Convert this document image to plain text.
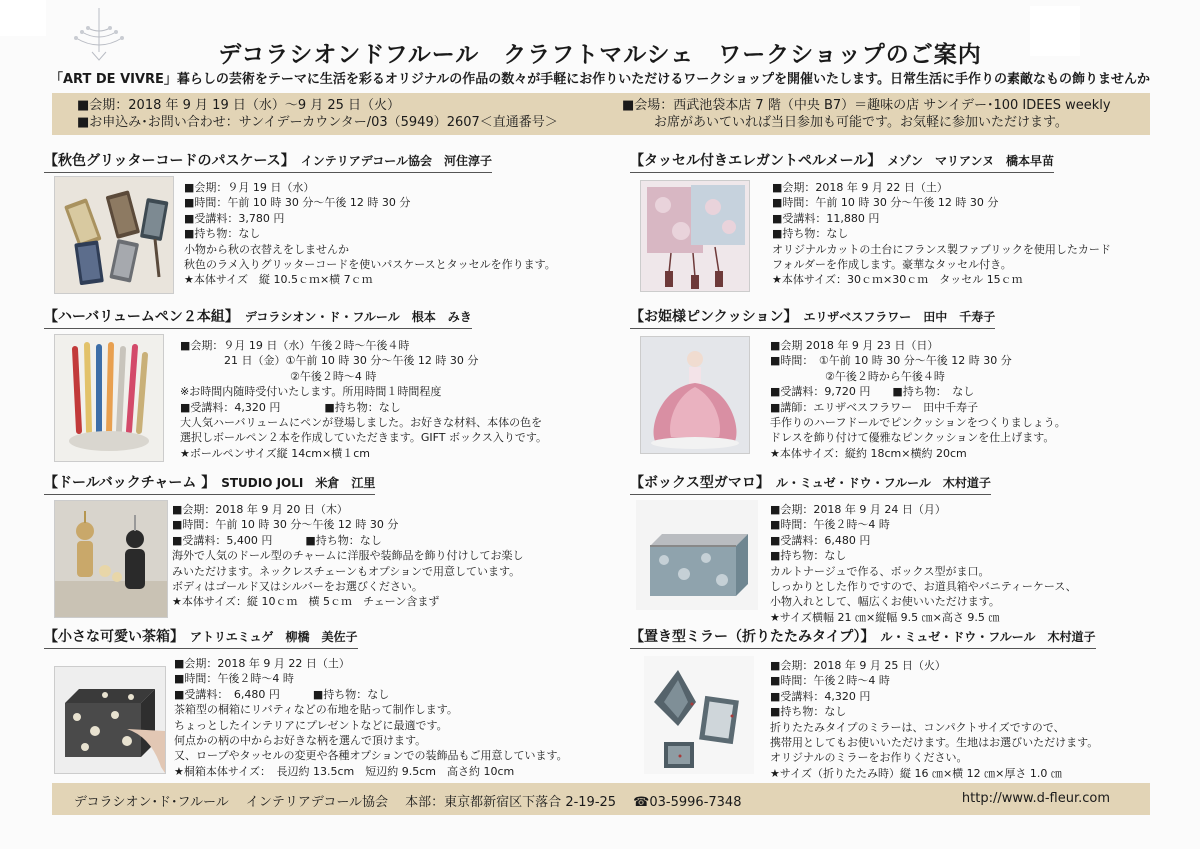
デコラシオンドフルール　クラフトマルシェ　ワークショップのご案内
「ART DE VIVRE」暮らしの芸術をテーマに生活を彩るオリジナルの作品の数々が手軽にお作りいただけるワークショップを開催いたします。日常生活に手作りの素敵なもの飾りませんか
■会期：2018 年 9 月 19 日（水）～9 月 25 日（火）
■お申込み･お問い合わせ：サンイデーカウンター/03（5949）2607＜直通番号＞
■会場：西武池袋本店 7 階（中央 B7）＝趣味の店 サンイデー･100 IDEES weekly
お席があいていれば当日参加も可能です。お気軽に参加いただけます。
【秋色グリッターコードのパスケース】 インテリアデコール協会　河住淳子
■会期：９月 19 日（水）
■時間：午前 10 時 30 分～午後 12 時 30 分
■受講料：3,780 円
■持ち物：なし
小物から秋の衣替えをしませんか
秋色のラメ入りグリッターコードを使いパスケースとタッセルを作ります。
★本体サイズ　縦 10.5ｃｍ×横 7ｃｍ
【タッセル付きエレガントペルメール】 メゾン　マリアンヌ　橋本早苗
■会期：2018 年 9 月 22 日（土）
■時間：午前 10 時 30 分～午後 12 時 30 分
■受講料：11,880 円
■持ち物：なし
オリジナルカットの土台にフランス製ファブリックを使用したカード
フォルダーを作成します。豪華なタッセル付き。
★本体サイズ：30ｃｍ×30ｃｍ　タッセル 15ｃｍ
【ハーバリュームペン２本組】 デコラシオン・ド・フルール　根本　みき
■会期：９月 19 日（水）午後２時～午後４時
　　　　21 日（金）①午前 10 時 30 分～午後 12 時 30 分
　　　　　　　　　　②午後２時～4 時
※お時間内随時受付いたします。所用時間１時間程度
■受講料：4,320 円　　　　■持ち物：なし
大人気ハーバリュームにペンが登場しました。お好きな材料、本体の色を
選択しボールペン２本を作成していただきます。GIFT ボックス入りです。
★ボールペンサイズ縦 14cm×横１cm
【お姫様ピンクッション】 エリザベスフラワー　田中　千寿子
■会期 2018 年 9 月 23 日（日）
■時間：　①午前 10 時 30 分～午後 12 時 30 分
　　　　　②午後２時から午後４時
■受講料：9,720 円　　■持ち物：　なし
■講師：エリザベスフラワー　田中千寿子
手作りのハーフドールでピンクッションをつくりましょう。
ドレスを飾り付けて優雅なピンクッションを仕上げます。
★本体サイズ：縦約 18cm×横約 20cm
【ドールバックチャーム 】 STUDIO JOLI　米倉　江里
■会期：2018 年 9 月 20 日（木）
■時間：午前 10 時 30 分～午後 12 時 30 分
■受講料：5,400 円　　　■持ち物：なし
海外で人気のドール型のチャームに洋服や装飾品を飾り付けしてお楽し
みいただけます。ネックレスチェーンもオプションで用意しています。
ボディはゴールド又はシルバーをお選びください。
★本体サイズ：縦 10ｃｍ　横 5ｃｍ　チェーン含まず
【ボックス型ガマロ】 ル・ミュゼ・ドウ・フルール　木村道子
■会期：2018 年 9 月 24 日（月）
■時間：午後２時～4 時
■受講料：6,480 円
■持ち物：なし
カルトナージュで作る、ボックス型がま口。
しっかりとした作りですので、お道具箱やバニティーケース、
小物入れとして、幅広くお使いいただけます。
★サイズ横幅 21 ㎝×縦幅 9.5 ㎝×高さ 9.5 ㎝
【小さな可愛い茶箱】 アトリエミュゲ　柳橋　美佐子
■会期：2018 年 9 月 22 日（土）
■時間：午後２時～4 時
■受講料：　6,480 円　　　■持ち物：なし
茶箱型の桐箱にリバティなどの布地を貼って制作します。
ちょっとしたインテリアにプレゼントなどに最適です。
何点かの柄の中からお好きな柄を選んで頂けます。
又、ロープやタッセルの変更や各種オプションでの装飾品もご用意しています。
★桐箱本体サイズ：　長辺約 13.5cm　短辺約 9.5cm　高さ約 10cm
【置き型ミラー（折りたたみタイプ）】 ル・ミュゼ・ドウ・フルール　木村道子
■会期：2018 年 9 月 25 日（火）
■時間：午後２時～4 時
■受講料：4,320 円
■持ち物：なし
折りたたみタイプのミラーは、コンパクトサイズですので、
携帯用としてもお使いいただけます。生地はお選びいただけます。
オリジナルのミラーをお作りください。
★サイズ（折りたたみ時）縦 16 ㎝×横 12 ㎝×厚さ 1.0 ㎝
デコラシオン･ド･フルール　 インテリアデコール協会　 本部：東京都新宿区下落合 2-19-25　 ☎03-5996-7348	http://www.d-fleur.com
